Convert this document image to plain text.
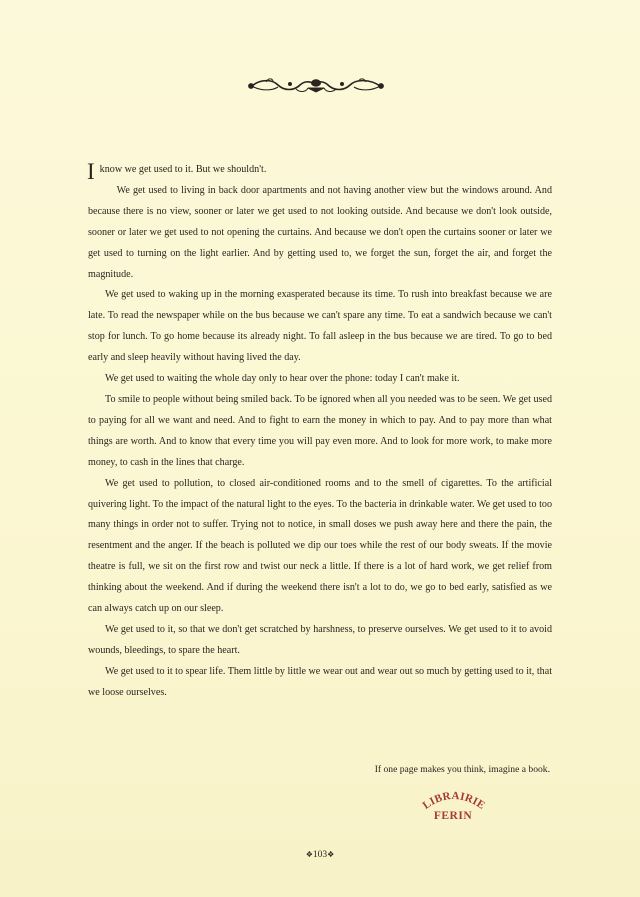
I know we get used to it. But we shouldn't.

We get used to living in back door apartments and not having another view but the windows around. And because there is no view, sooner or later we get used to not looking outside. And because we don't look outside, sooner or later we get used to not opening the curtains. And because we don't open the curtains sooner or later we get used to turning on the light earlier. And by getting used to, we forget the sun, forget the air, and forget the magnitude.

We get used to waking up in the morning exasperated because its time. To rush into breakfast because we are late. To read the newspaper while on the bus because we can't spare any time. To eat a sandwich because we can't stop for lunch. To go home because its already night. To fall asleep in the bus because we are tired. To go to bed early and sleep heavily without having lived the day.

We get used to waiting the whole day only to hear over the phone: today I can't make it.

To smile to people without being smiled back. To be ignored when all you needed was to be seen. We get used to paying for all we want and need. And to fight to earn the money in which to pay. And to pay more than what things are worth. And to know that every time you will pay even more. And to look for more work, to make more money, to cash in the lines that charge.

We get used to pollution, to closed air-conditioned rooms and to the smell of cigarettes. To the artificial quivering light. To the impact of the natural light to the eyes. To the bacteria in drinkable water. We get used to too many things in order not to suffer. Trying not to notice, in small doses we push away here and there the pain, the resentment and the anger. If the beach is polluted we dip our toes while the rest of our body sweats. If the movie theatre is full, we sit on the first row and twist our neck a little. If there is a lot of hard work, we get relief from thinking about the weekend. And if during the weekend there isn't a lot to do, we go to bed early, satisfied as we can always catch up on our sleep.

We get used to it, so that we don't get scratched by harshness, to preserve ourselves. We get used to it to avoid wounds, bleedings, to spare the heart.

We get used to it to spear life. Them little by little we wear out and wear out so much by getting used to it, that we loose ourselves.

If one page makes you think, imagine a book.
LIBRAIRIE
FERIN
❖103❖
